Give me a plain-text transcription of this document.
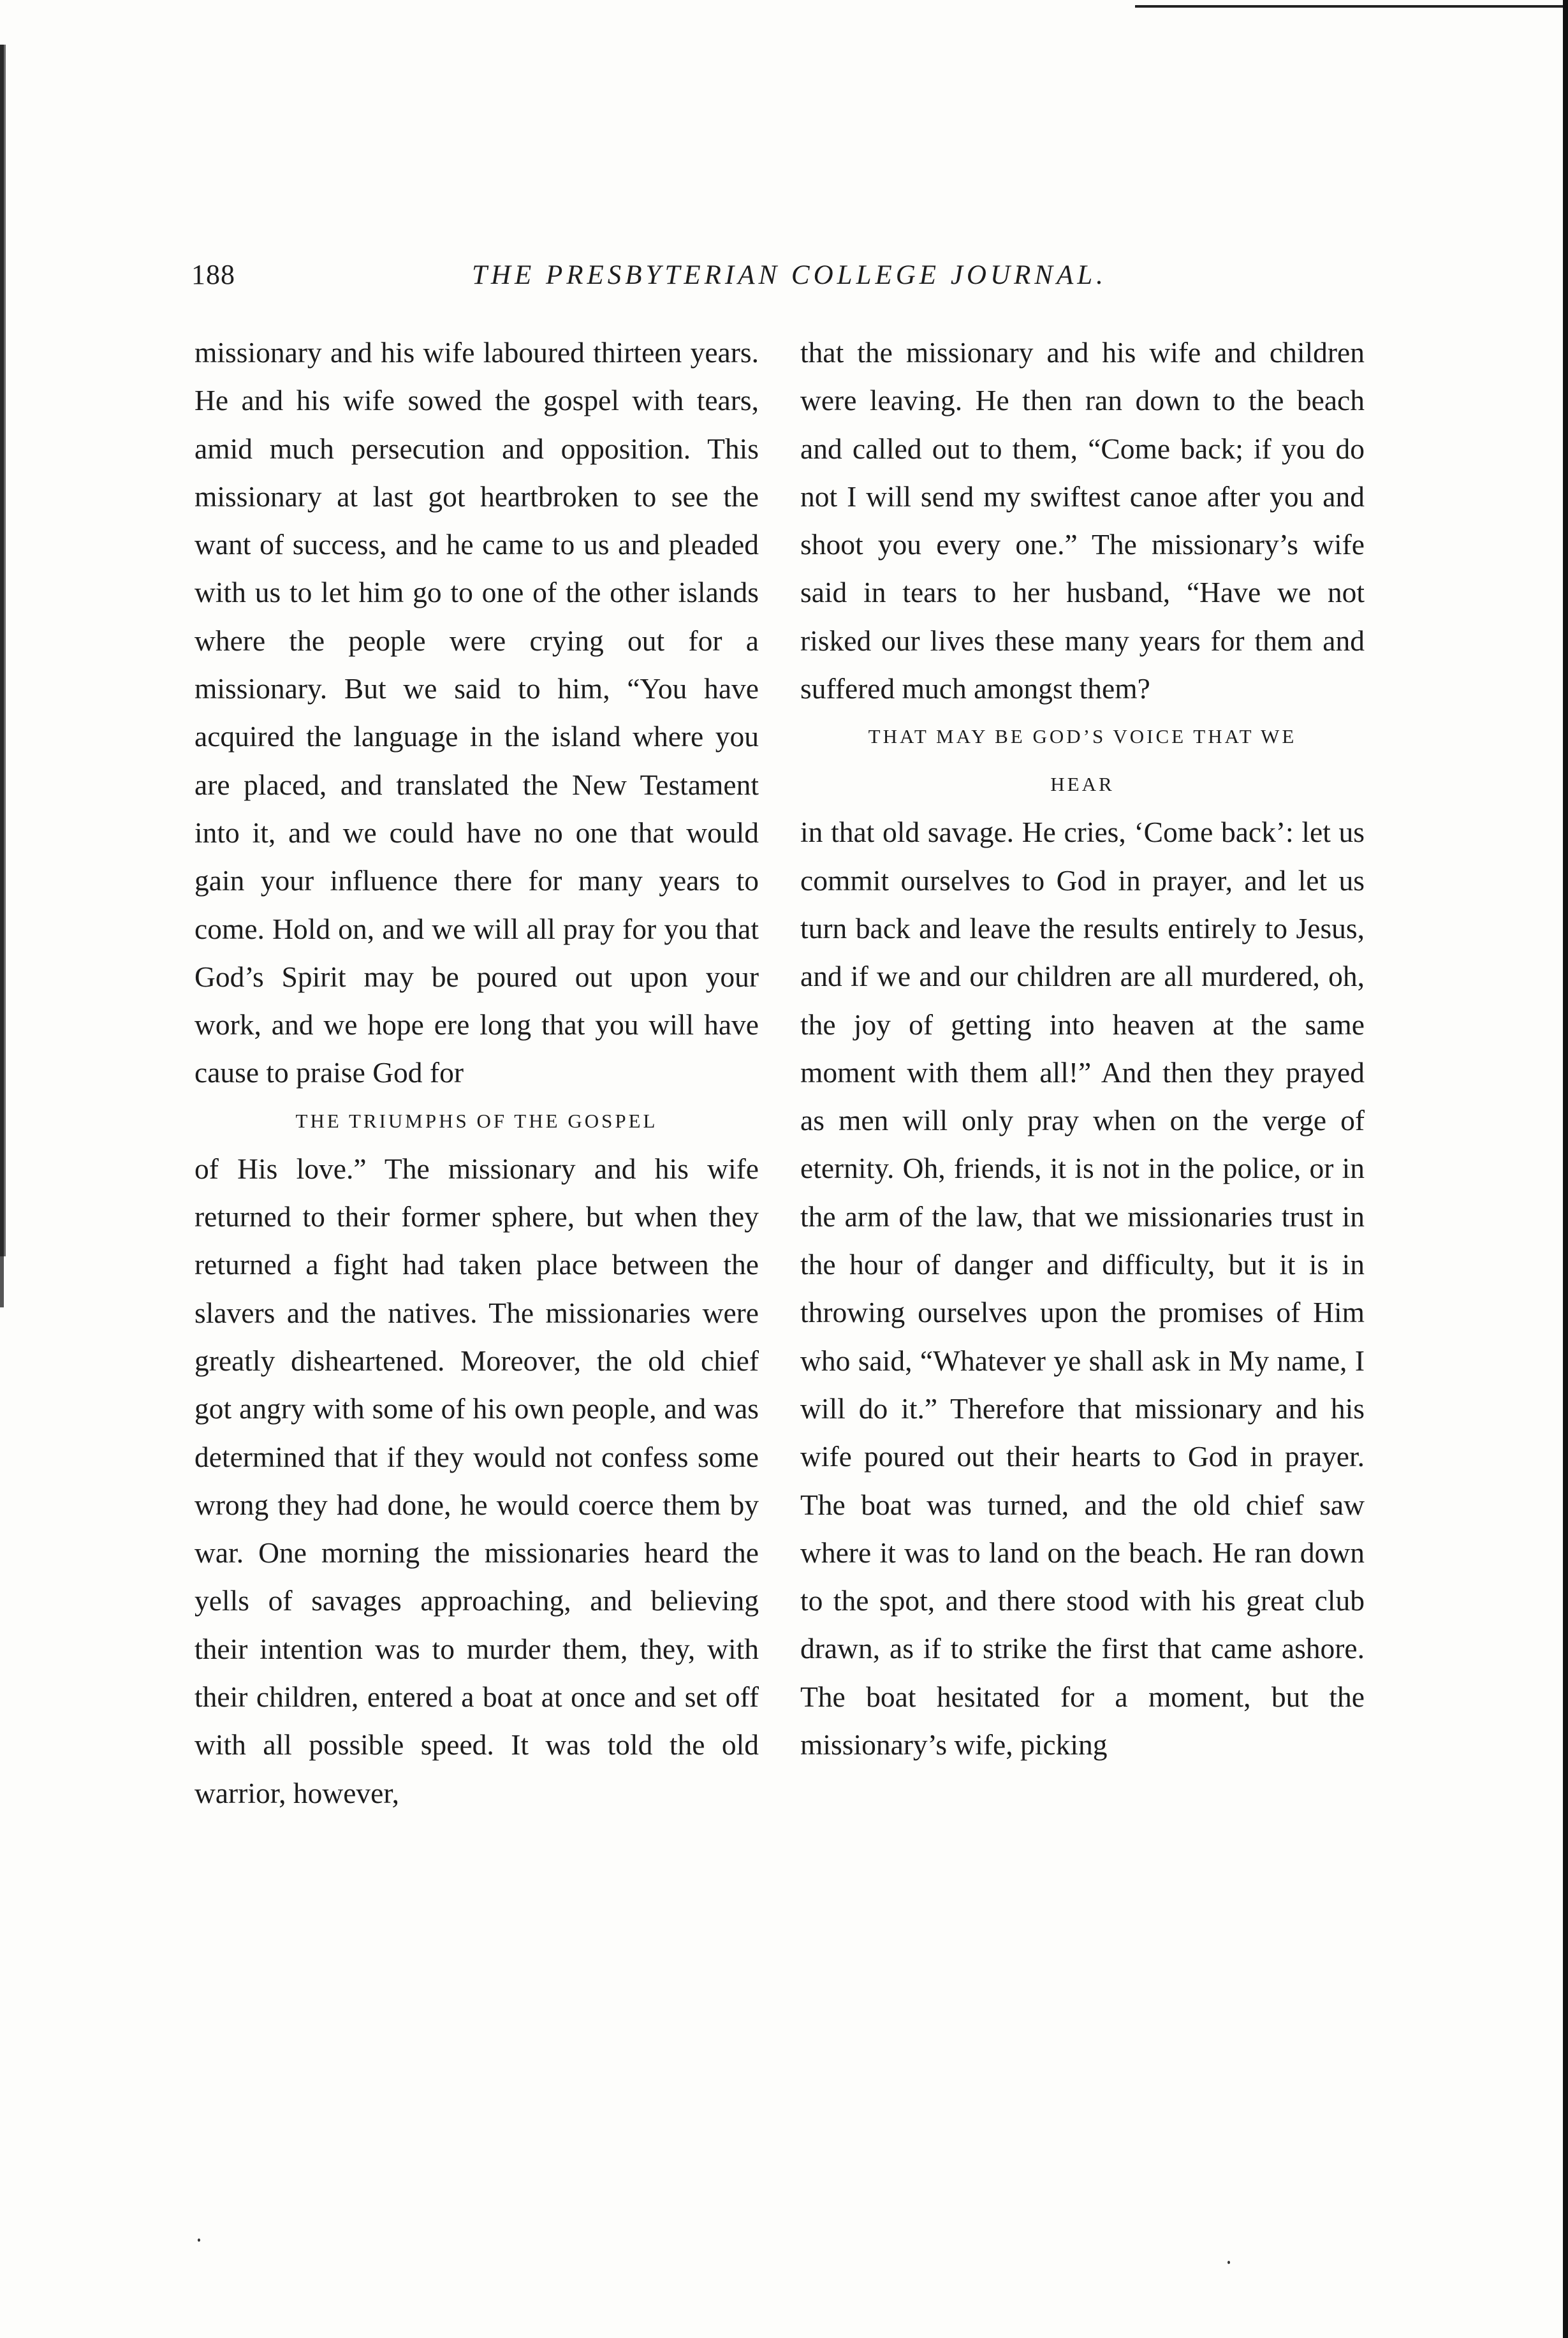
188	THE PRESBYTERIAN COLLEGE JOURNAL.

missionary and his wife laboured thirteen years. He and his wife sowed the gospel with tears, amid much persecution and opposition. This missionary at last got heartbroken to see the want of success, and he came to us and pleaded with us to let him go to one of the other islands where the people were crying out for a missionary. But we said to him, “You have acquired the language in the island where you are placed, and translated the New Testament into it, and we could have no one that would gain your influence there for many years to come. Hold on, and we will all pray for you that God’s Spirit may be poured out upon your work, and we hope ere long that you will have cause to praise God for

THE TRIUMPHS OF THE GOSPEL

of His love.” The missionary and his wife returned to their former sphere, but when they returned a fight had taken place between the slavers and the natives. The missionaries were greatly disheartened. Moreover, the old chief got angry with some of his own people, and was determined that if they would not confess some wrong they had done, he would coerce them by war. One morning the missionaries heard the yells of savages approaching, and believing their intention was to murder them, they, with their children, entered a boat at once and set off with all possible speed. It was told the old warrior, however,

that the missionary and his wife and children were leaving. He then ran down to the beach and called out to them, “Come back; if you do not I will send my swiftest canoe after you and shoot you every one.” The missionary’s wife said in tears to her husband, “Have we not risked our lives these many years for them and suffered much amongst them?

THAT MAY BE GOD’S VOICE THAT WE

HEAR

in that old savage. He cries, ‘Come back’: let us commit ourselves to God in prayer, and let us turn back and leave the results entirely to Jesus, and if we and our children are all murdered, oh, the joy of getting into heaven at the same moment with them all!” And then they prayed as men will only pray when on the verge of eternity. Oh, friends, it is not in the police, or in the arm of the law, that we missionaries trust in the hour of danger and difficulty, but it is in throwing ourselves upon the promises of Him who said, “Whatever ye shall ask in My name, I will do it.” Therefore that missionary and his wife poured out their hearts to God in prayer. The boat was turned, and the old chief saw where it was to land on the beach. He ran down to the spot, and there stood with his great club drawn, as if to strike the first that came ashore. The boat hesitated for a moment, but the missionary’s wife, picking
